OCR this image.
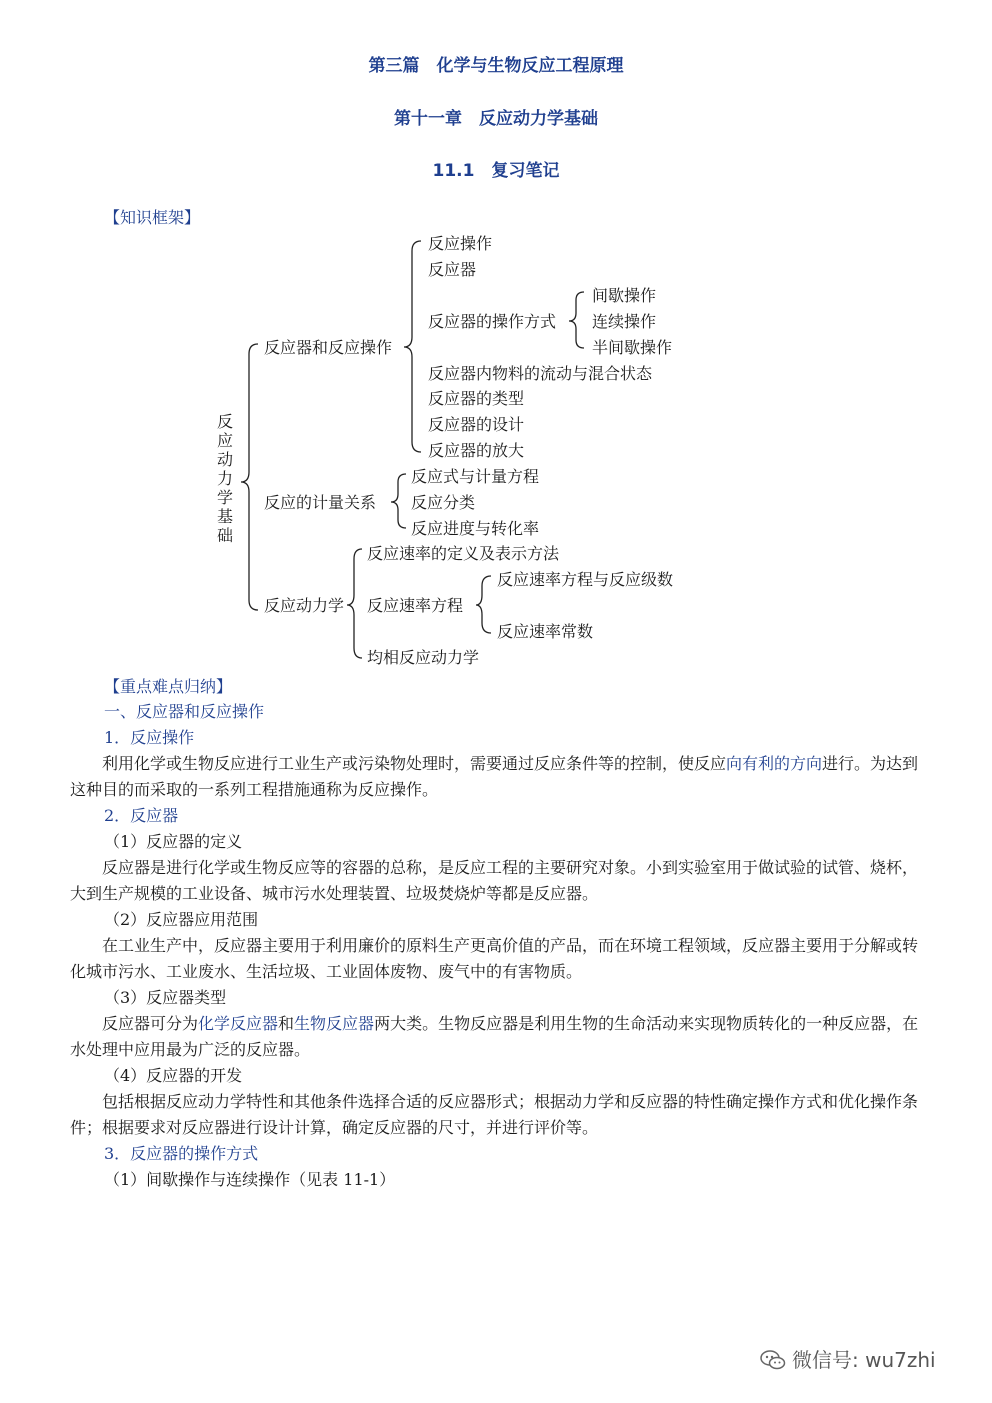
第三篇　化学与生物反应工程原理
第十一章　反应动力学基础
11.1　复习笔记
【知识框架】
反应动力学基础
反应器和反应操作
反应操作
反应器
反应器的操作方式
反应器内物料的流动与混合状态
反应器的类型
反应器的设计
反应器的放大
间歇操作
连续操作
半间歇操作
反应的计量关系
反应式与计量方程
反应分类
反应进度与转化率
反应动力学
反应速率的定义及表示方法
反应速率方程
均相反应动力学
反应速率方程与反应级数
反应速率常数
【重点难点归纳】
一、反应器和反应操作
1．反应操作
利用化学或生物反应进行工业生产或污染物处理时，需要通过反应条件等的控制，使反应向有利的方向进行。为达到这种目的而采取的一系列工程措施通称为反应操作。
2．反应器
（1）反应器的定义
反应器是进行化学或生物反应等的容器的总称，是反应工程的主要研究对象。小到实验室用于做试验的试管、烧杯，大到生产规模的工业设备、城市污水处理装置、垃圾焚烧炉等都是反应器。
（2）反应器应用范围
在工业生产中，反应器主要用于利用廉价的原料生产更高价值的产品，而在环境工程领域，反应器主要用于分解或转化城市污水、工业废水、生活垃圾、工业固体废物、废气中的有害物质。
（3）反应器类型
反应器可分为化学反应器和生物反应器两大类。生物反应器是利用生物的生命活动来实现物质转化的一种反应器，在水处理中应用最为广泛的反应器。
（4）反应器的开发
包括根据反应动力学特性和其他条件选择合适的反应器形式；根据动力学和反应器的特性确定操作方式和优化操作条件；根据要求对反应器进行设计计算，确定反应器的尺寸，并进行评价等。
3．反应器的操作方式
（1）间歇操作与连续操作（见表 11-1）
微信号: wu7zhi
